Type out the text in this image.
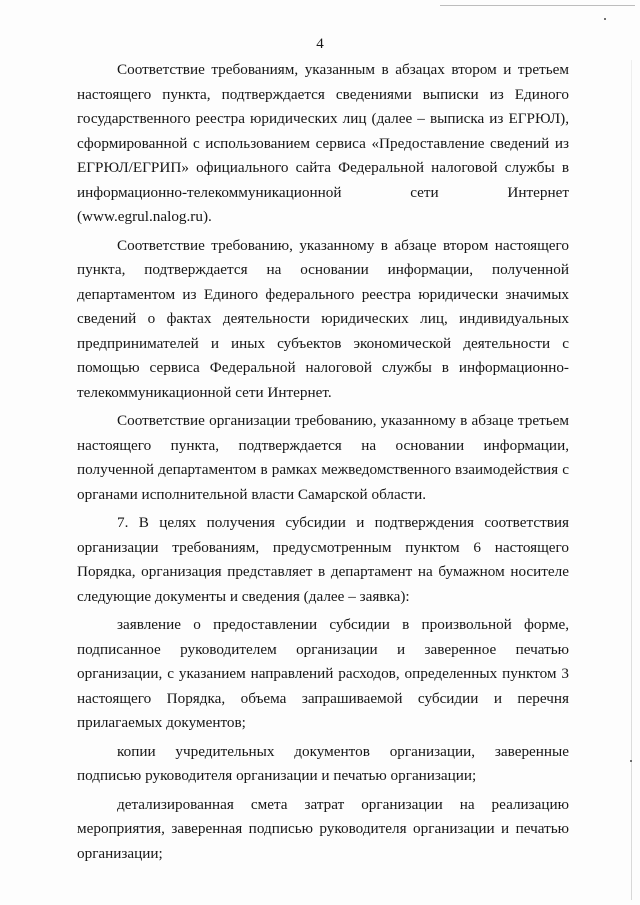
4

Соответствие требованиям, указанным в абзацах втором и третьем настоящего пункта, подтверждается сведениями выписки из Единого государственного реестра юридических лиц (далее – выписка из ЕГРЮЛ), сформированной с использованием сервиса «Предоставление сведений из ЕГРЮЛ/ЕГРИП» официального сайта Федеральной налоговой службы в информационно-телекоммуникационной сети Интернет (www.egrul.nalog.ru).

Соответствие требованию, указанному в абзаце втором настоящего пункта, подтверждается на основании информации, полученной департаментом из Единого федерального реестра юридически значимых сведений о фактах деятельности юридических лиц, индивидуальных предпринимателей и иных субъектов экономической деятельности с помощью сервиса Федеральной налоговой службы в информационно-телекоммуникационной сети Интернет.

Соответствие организации требованию, указанному в абзаце третьем настоящего пункта, подтверждается на основании информации, полученной департаментом в рамках межведомственного взаимодействия с органами исполнительной власти Самарской области.

7. В целях получения субсидии и подтверждения соответствия организации требованиям, предусмотренным пунктом 6 настоящего Порядка, организация представляет в департамент на бумажном носителе следующие документы и сведения (далее – заявка):

заявление о предоставлении субсидии в произвольной форме, подписанное руководителем организации и заверенное печатью организации, с указанием направлений расходов, определенных пунктом 3 настоящего Порядка, объема запрашиваемой субсидии и перечня прилагаемых документов;

копии учредительных документов организации, заверенные подписью руководителя организации и печатью организации;

детализированная смета затрат организации на реализацию мероприятия, заверенная подписью руководителя организации и печатью организации;
